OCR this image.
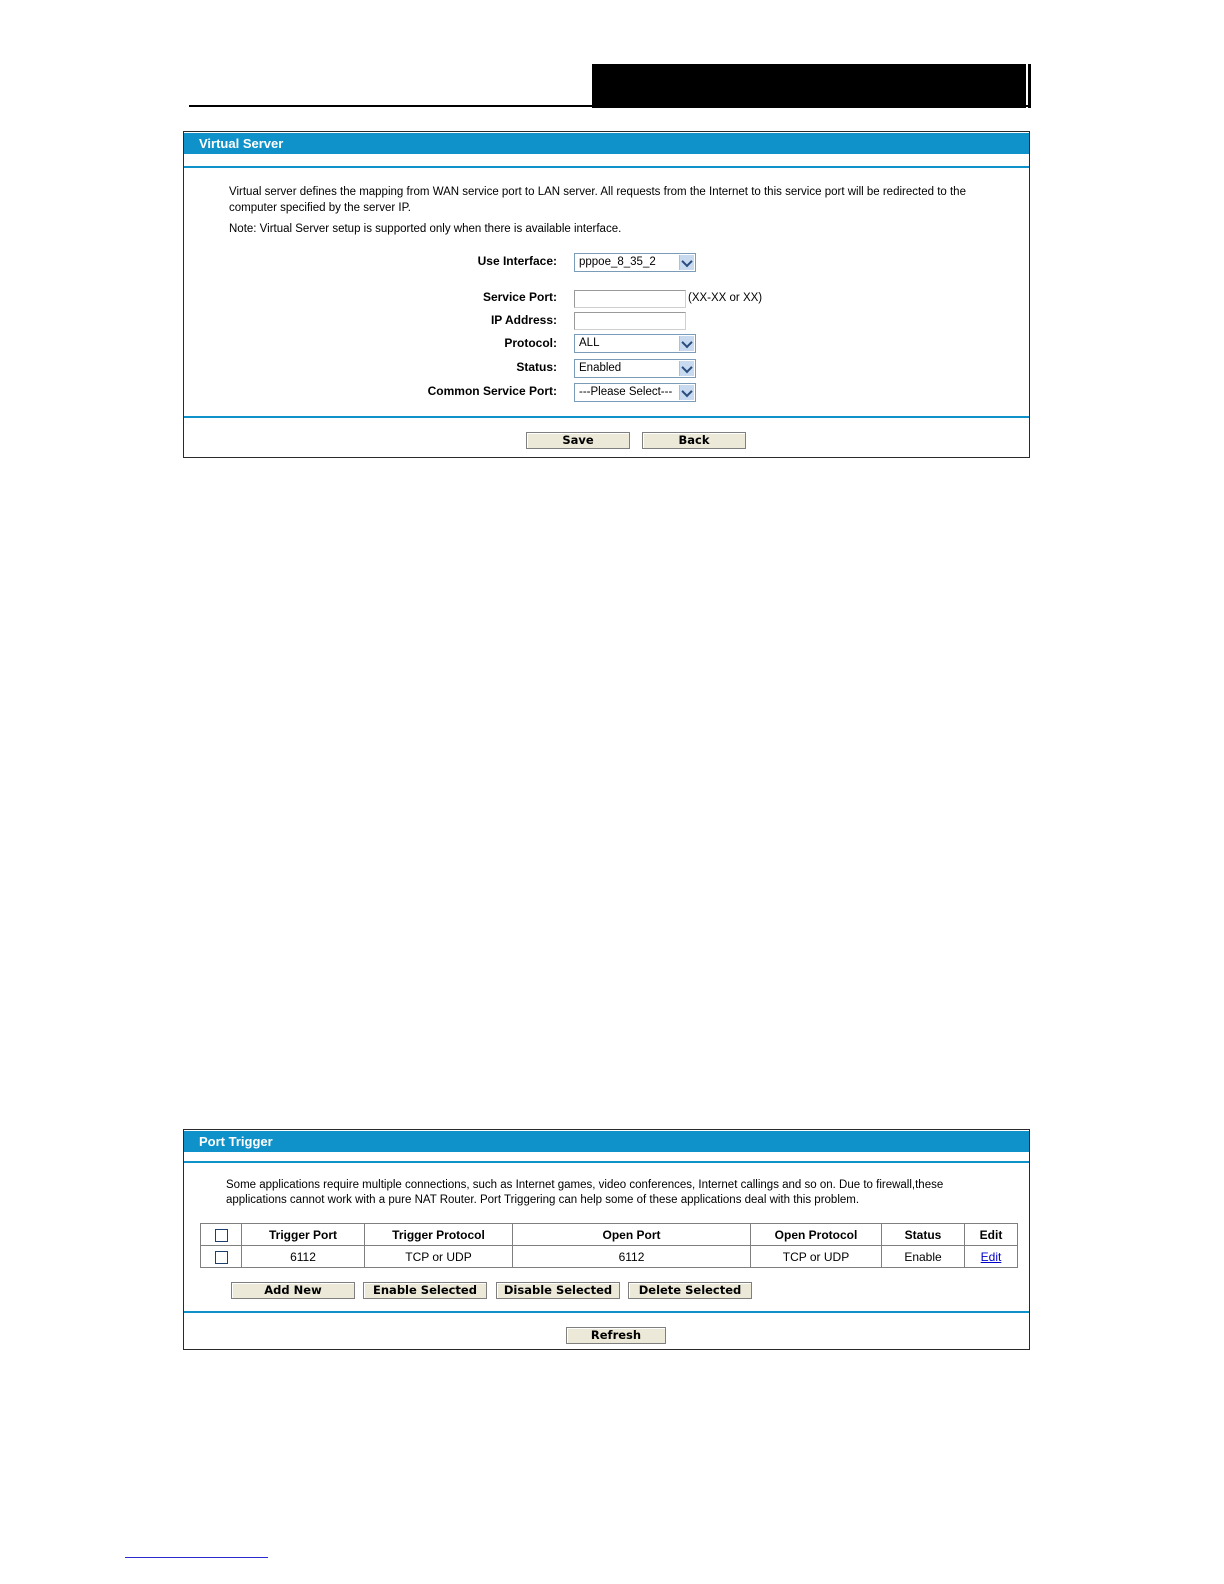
Virtual Server
Virtual server defines the mapping from WAN service port to LAN server. All requests from the Internet to this service port will be redirected to the
computer specified by the server IP.
Note: Virtual Server setup is supported only when there is available interface.
Use Interface:	pppoe_8_35_2
Service Port:	(XX-XX or XX)
IP Address:
Protocol:	ALL
Status:	Enabled
Common Service Port:	---Please Select---
Save	Back
Port Trigger
Some applications require multiple connections, such as Internet games, video conferences, Internet callings and so on. Due to firewall,these
applications cannot work with a pure NAT Router. Port Triggering can help some of these applications deal with this problem.
	Trigger Port	Trigger Protocol	Open Port	Open Protocol	Status	Edit
	6112	TCP or UDP	6112	TCP or UDP	Enable	Edit
Add New	Enable Selected	Disable Selected	Delete Selected
Refresh
